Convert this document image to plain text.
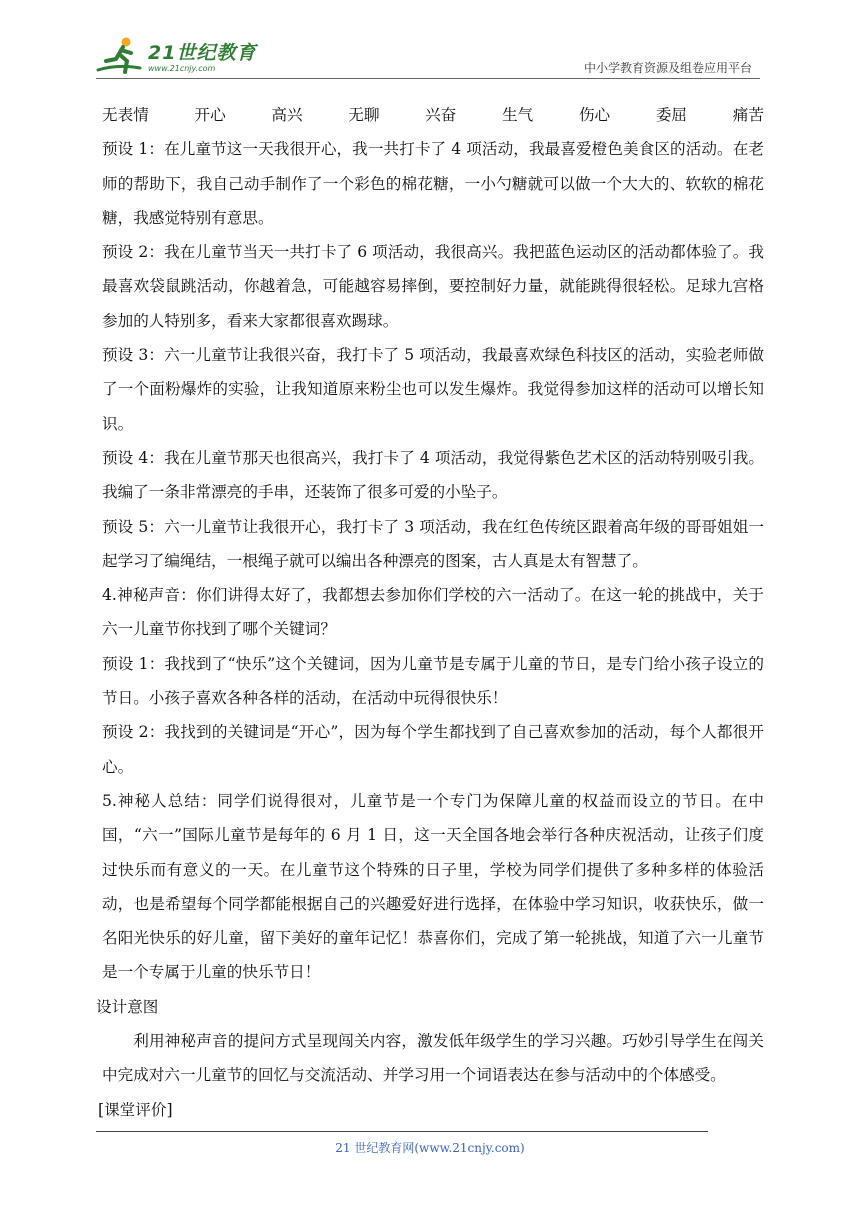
21世纪教育
www.21cnjy.com	中小学教育资源及组卷应用平台

无表情	开心	高兴	无聊	兴奋	生气	伤心	委屈	痛苦

预设 1：在儿童节这一天我很开心，我一共打卡了 4 项活动，我最喜爱橙色美食区的活动。在老师的帮助下，我自己动手制作了一个彩色的棉花糖，一小勺糖就可以做一个大大的、软软的棉花糖，我感觉特别有意思。

预设 2：我在儿童节当天一共打卡了 6 项活动，我很高兴。我把蓝色运动区的活动都体验了。我最喜欢袋鼠跳活动，你越着急，可能越容易摔倒，要控制好力量，就能跳得很轻松。足球九宫格参加的人特别多，看来大家都很喜欢踢球。

预设 3：六一儿童节让我很兴奋，我打卡了 5 项活动，我最喜欢绿色科技区的活动，实验老师做了一个面粉爆炸的实验，让我知道原来粉尘也可以发生爆炸。我觉得参加这样的活动可以增长知识。

预设 4：我在儿童节那天也很高兴，我打卡了 4 项活动，我觉得紫色艺术区的活动特别吸引我。我编了一条非常漂亮的手串，还装饰了很多可爱的小坠子。

预设 5：六一儿童节让我很开心，我打卡了 3 项活动，我在红色传统区跟着高年级的哥哥姐姐一起学习了编绳结，一根绳子就可以编出各种漂亮的图案，古人真是太有智慧了。

4.神秘声音：你们讲得太好了，我都想去参加你们学校的六一活动了。在这一轮的挑战中，关于六一儿童节你找到了哪个关键词？

预设 1：我找到了“快乐”这个关键词，因为儿童节是专属于儿童的节日，是专门给小孩子设立的节日。小孩子喜欢各种各样的活动，在活动中玩得很快乐！

预设 2：我找到的关键词是“开心”，因为每个学生都找到了自己喜欢参加的活动，每个人都很开心。

5.神秘人总结：同学们说得很对，儿童节是一个专门为保障儿童的权益而设立的节日。在中国，“六一”国际儿童节是每年的 6 月 1 日，这一天全国各地会举行各种庆祝活动，让孩子们度过快乐而有意义的一天。在儿童节这个特殊的日子里，学校为同学们提供了多种多样的体验活动，也是希望每个同学都能根据自己的兴趣爱好进行选择，在体验中学习知识，收获快乐，做一名阳光快乐的好儿童，留下美好的童年记忆！恭喜你们，完成了第一轮挑战，知道了六一儿童节是一个专属于儿童的快乐节日！

设计意图

利用神秘声音的提问方式呈现闯关内容，激发低年级学生的学习兴趣。巧妙引导学生在闯关中完成对六一儿童节的回忆与交流活动、并学习用一个词语表达在参与活动中的个体感受。

[课堂评价]

21 世纪教育网(www.21cnjy.com)
